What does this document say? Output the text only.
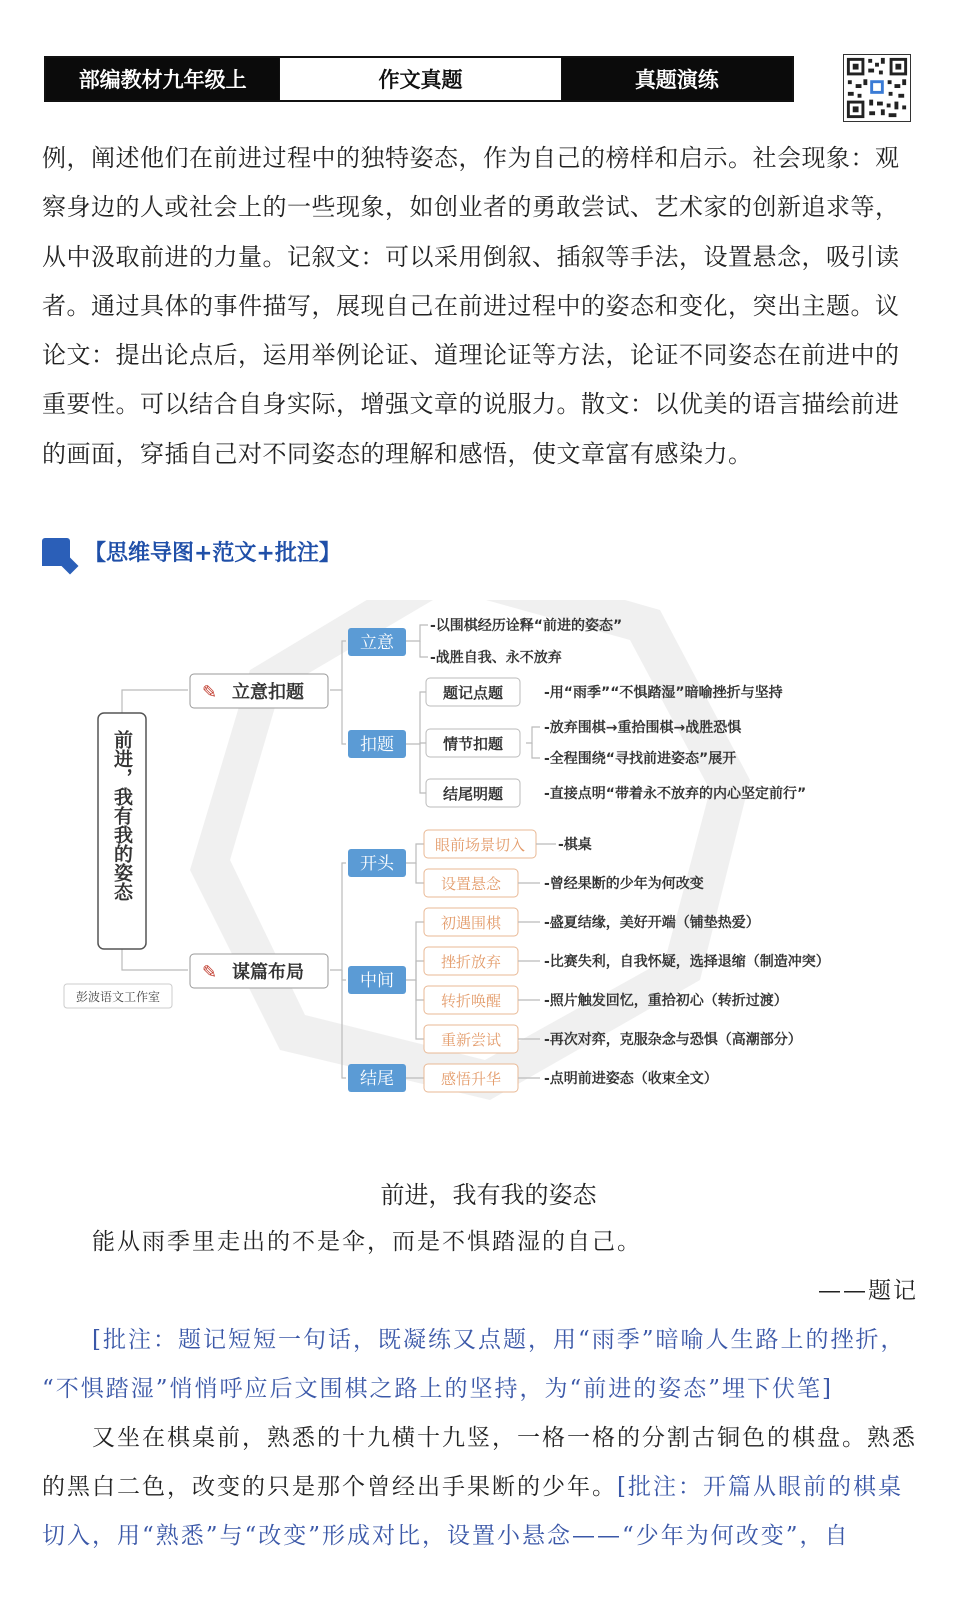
部编教材九年级上	作文真题	真题演练

例，阐述他们在前进过程中的独特姿态，作为自己的榜样和启示。社会现象：观

察身边的人或社会上的一些现象，如创业者的勇敢尝试、艺术家的创新追求等，

从中汲取前进的力量。记叙文：可以采用倒叙、插叙等手法，设置悬念，吸引读

者。通过具体的事件描写，展现自己在前进过程中的姿态和变化，突出主题。议

论文：提出论点后，运用举例论证、道理论证等方法，论证不同姿态在前进中的

重要性。可以结合自身实际，增强文章的说服力。散文：以优美的语言描绘前进

的画面，穿插自己对不同姿态的理解和感悟，使文章富有感染力。

【思维导图+范文+批注】
前进，我有我的姿态
彭波语文工作室
✎ 立意扣题
✎ 谋篇布局
立意
扣题
开头
中间
结尾
-以围棋经历诠释“前进的姿态”
-战胜自我、永不放弃
题记点题
情节扣题
结尾明题
-用“雨季”“不惧踏湿”暗喻挫折与坚持
-放弃围棋→重拾围棋→战胜恐惧
-全程围绕“寻找前进姿态”展开
-直接点明“带着永不放弃的内心坚定前行”
眼前场景切入
设置悬念
初遇围棋
挫折放弃
转折唤醒
重新尝试
感悟升华
-棋桌
-曾经果断的少年为何改变
-盛夏结缘，美好开端（铺垫热爱）
-比赛失利，自我怀疑，选择退缩（制造冲突）
-照片触发回忆，重拾初心（转折过渡）
-再次对弈，克服杂念与恐惧（高潮部分）
-点明前进姿态（收束全文）
前进，我有我的姿态
能从雨季里走出的不是伞，而是不惧踏湿的自己。
——题记
[批注：题记短短一句话，既凝练又点题，用“雨季”暗喻人生路上的挫折，
“不惧踏湿”悄悄呼应后文围棋之路上的坚持，为“前进的姿态”埋下伏笔]
又坐在棋桌前，熟悉的十九横十九竖，一格一格的分割古铜色的棋盘。熟悉
的黑白二色，改变的只是那个曾经出手果断的少年。[批注：开篇从眼前的棋桌
切入，用“熟悉”与“改变”形成对比，设置小悬念——“少年为何改变”，自
